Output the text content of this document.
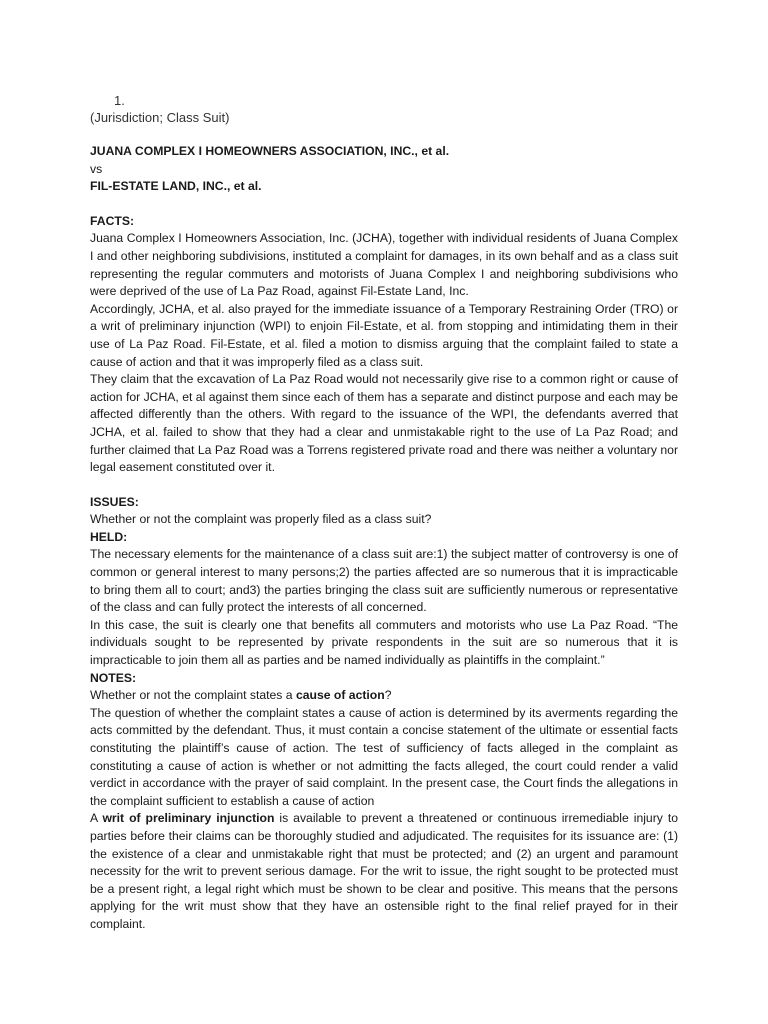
1.
(Jurisdiction; Class Suit)
JUANA COMPLEX I HOMEOWNERS ASSOCIATION, INC., et al.
vs
FIL-ESTATE LAND, INC., et al.
FACTS:

Juana Complex I Homeowners Association, Inc. (JCHA), together with individual residents of Juana Complex I and other neighboring subdivisions, instituted a complaint for damages, in its own behalf and as a class suit representing the regular commuters and motorists of Juana Complex I and neighboring subdivisions who were deprived of the use of La Paz Road, against Fil-Estate Land, Inc.

Accordingly, JCHA, et al. also prayed for the immediate issuance of a Temporary Restraining Order (TRO) or a writ of preliminary injunction (WPI) to enjoin Fil-Estate, et al. from stopping and intimidating them in their use of La Paz Road. Fil-Estate, et al. filed a motion to dismiss arguing that the complaint failed to state a cause of action and that it was improperly filed as a class suit.

They claim that the excavation of La Paz Road would not necessarily give rise to a common right or cause of action for JCHA, et al against them since each of them has a separate and distinct purpose and each may be affected differently than the others. With regard to the issuance of the WPI, the defendants averred that JCHA, et al. failed to show that they had a clear and unmistakable right to the use of La Paz Road; and further claimed that La Paz Road was a Torrens registered private road and there was neither a voluntary nor legal easement constituted over it.

ISSUES:
Whether or not the complaint was properly filed as a class suit?
HELD:

The necessary elements for the maintenance of a class suit are:1) the subject matter of controversy is one of common or general interest to many persons;2) the parties affected are so numerous that it is impracticable to bring them all to court; and3) the parties bringing the class suit are sufficiently numerous or representative of the class and can fully protect the interests of all concerned.

In this case, the suit is clearly one that benefits all commuters and motorists who use La Paz Road. “The individuals sought to be represented by private respondents in the suit are so numerous that it is impracticable to join them all as parties and be named individually as plaintiffs in the complaint.”

NOTES:
Whether or not the complaint states a cause of action?

The question of whether the complaint states a cause of action is determined by its averments regarding the acts committed by the defendant. Thus, it must contain a concise statement of the ultimate or essential facts constituting the plaintiff’s cause of action. The test of sufficiency of facts alleged in the complaint as constituting a cause of action is whether or not admitting the facts alleged, the court could render a valid verdict in accordance with the prayer of said complaint. In the present case, the Court finds the allegations in the complaint sufficient to establish a cause of action

A writ of preliminary injunction is available to prevent a threatened or continuous irremediable injury to parties before their claims can be thoroughly studied and adjudicated. The requisites for its issuance are: (1) the existence of a clear and unmistakable right that must be protected; and (2) an urgent and paramount necessity for the writ to prevent serious damage. For the writ to issue, the right sought to be protected must be a present right, a legal right which must be shown to be clear and positive. This means that the persons applying for the writ must show that they have an ostensible right to the final relief prayed for in their complaint.
